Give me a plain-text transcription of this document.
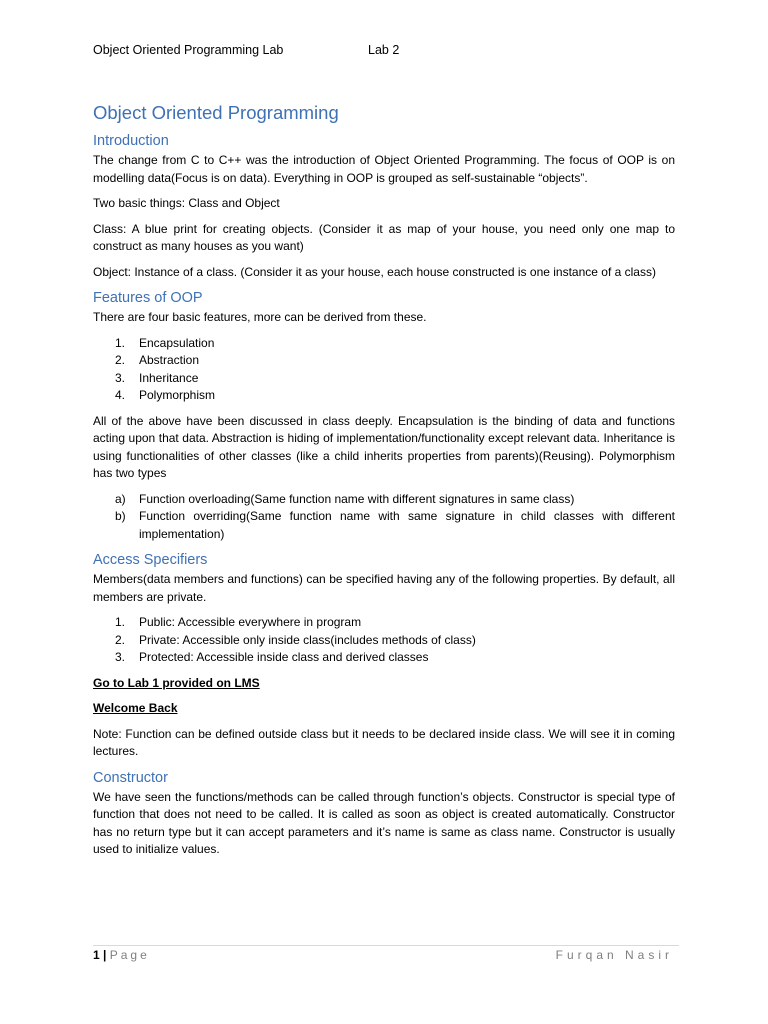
Object Oriented Programming Lab	Lab 2
Object Oriented Programming
Introduction

The change from C to C++ was the introduction of Object Oriented Programming. The focus of OOP is on modelling data(Focus is on data). Everything in OOP is grouped as self-sustainable “objects”.

Two basic things: Class and Object

Class: A blue print for creating objects. (Consider it as map of your house, you need only one map to construct as many houses as you want)

Object: Instance of a class. (Consider it as your house, each house constructed is one instance of a class)

Features of OOP

There are four basic features, more can be derived from these.

1. Encapsulation
2. Abstraction
3. Inheritance
4. Polymorphism

All of the above have been discussed in class deeply. Encapsulation is the binding of data and functions acting upon that data. Abstraction is hiding of implementation/functionality except relevant data. Inheritance is using functionalities of other classes (like a child inherits properties from parents)(Reusing). Polymorphism has two types

a) Function overloading(Same function name with different signatures in same class)
b) Function overriding(Same function name with same signature in child classes with different implementation)
Access Specifiers

Members(data members and functions) can be specified having any of the following properties. By default, all members are private.

1. Public: Accessible everywhere in program
2. Private: Accessible only inside class(includes methods of class)
3. Protected: Accessible inside class and derived classes

Go to Lab 1 provided on LMS

Welcome Back

Note: Function can be defined outside class but it needs to be declared inside class. We will see it in coming lectures.

Constructor

We have seen the functions/methods can be called through function’s objects. Constructor is special type of function that does not need to be called. It is called as soon as object is created automatically. Constructor has no return type but it can accept parameters and it’s name is same as class name. Constructor is usually used to initialize values.

1 | Page	Furqan Nasir
